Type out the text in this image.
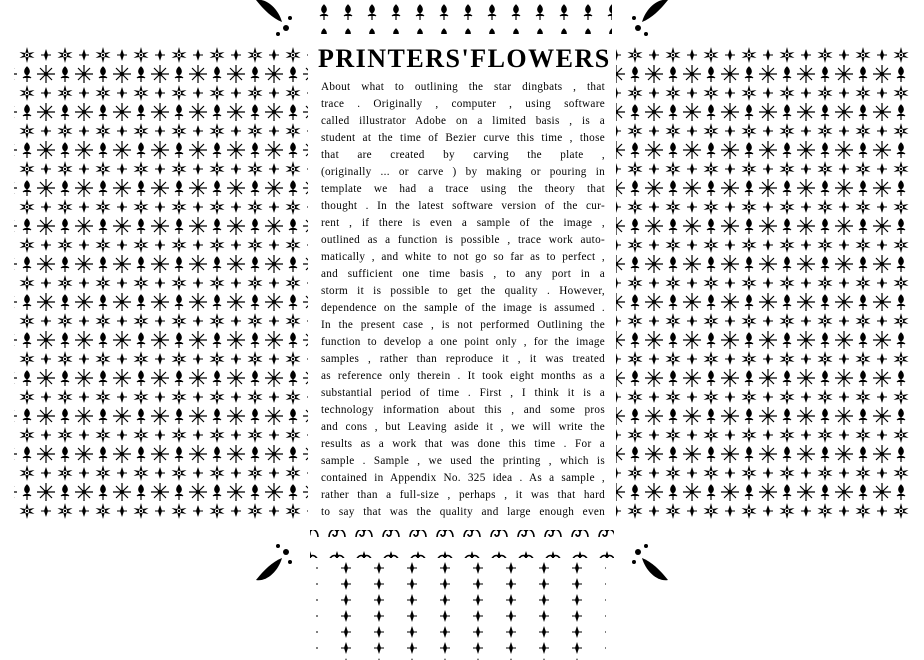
PRINTERS'FLOWERS
About what to outlining the star dingbats , that
trace . Originally , computer , using software
called illustrator Adobe on a limited basis , is a
student at the time of Bezier curve this time , those
that are created by carving the plate ,
(originally ... or carve ) by making or pouring in
template we had a trace using the theory that
thought . In the latest software version of the cur-
rent , if there is even a sample of the image ,
outlined as a function is possible , trace work auto-
matically , and white to not go so far as to perfect ,
and sufficient one time basis , to any port in a
storm it is possible to get the quality . However,
dependence on the sample of the image is assumed .
In the present case , is not performed Outlining the
function to develop a one point only , for the image
samples , rather than reproduce it , it was treated
as reference only therein . It took eight months as a
substantial period of time . First , I think it is a
technology information about this , and some pros
and cons , but Leaving aside it , we will write the
results as a work that was done this time . For a
sample . Sample , we used the printing , which is
contained in Appendix No. 325 idea . As a sample ,
rather than a full-size , perhaps , it was that hard
to say that was the quality and large enough even
